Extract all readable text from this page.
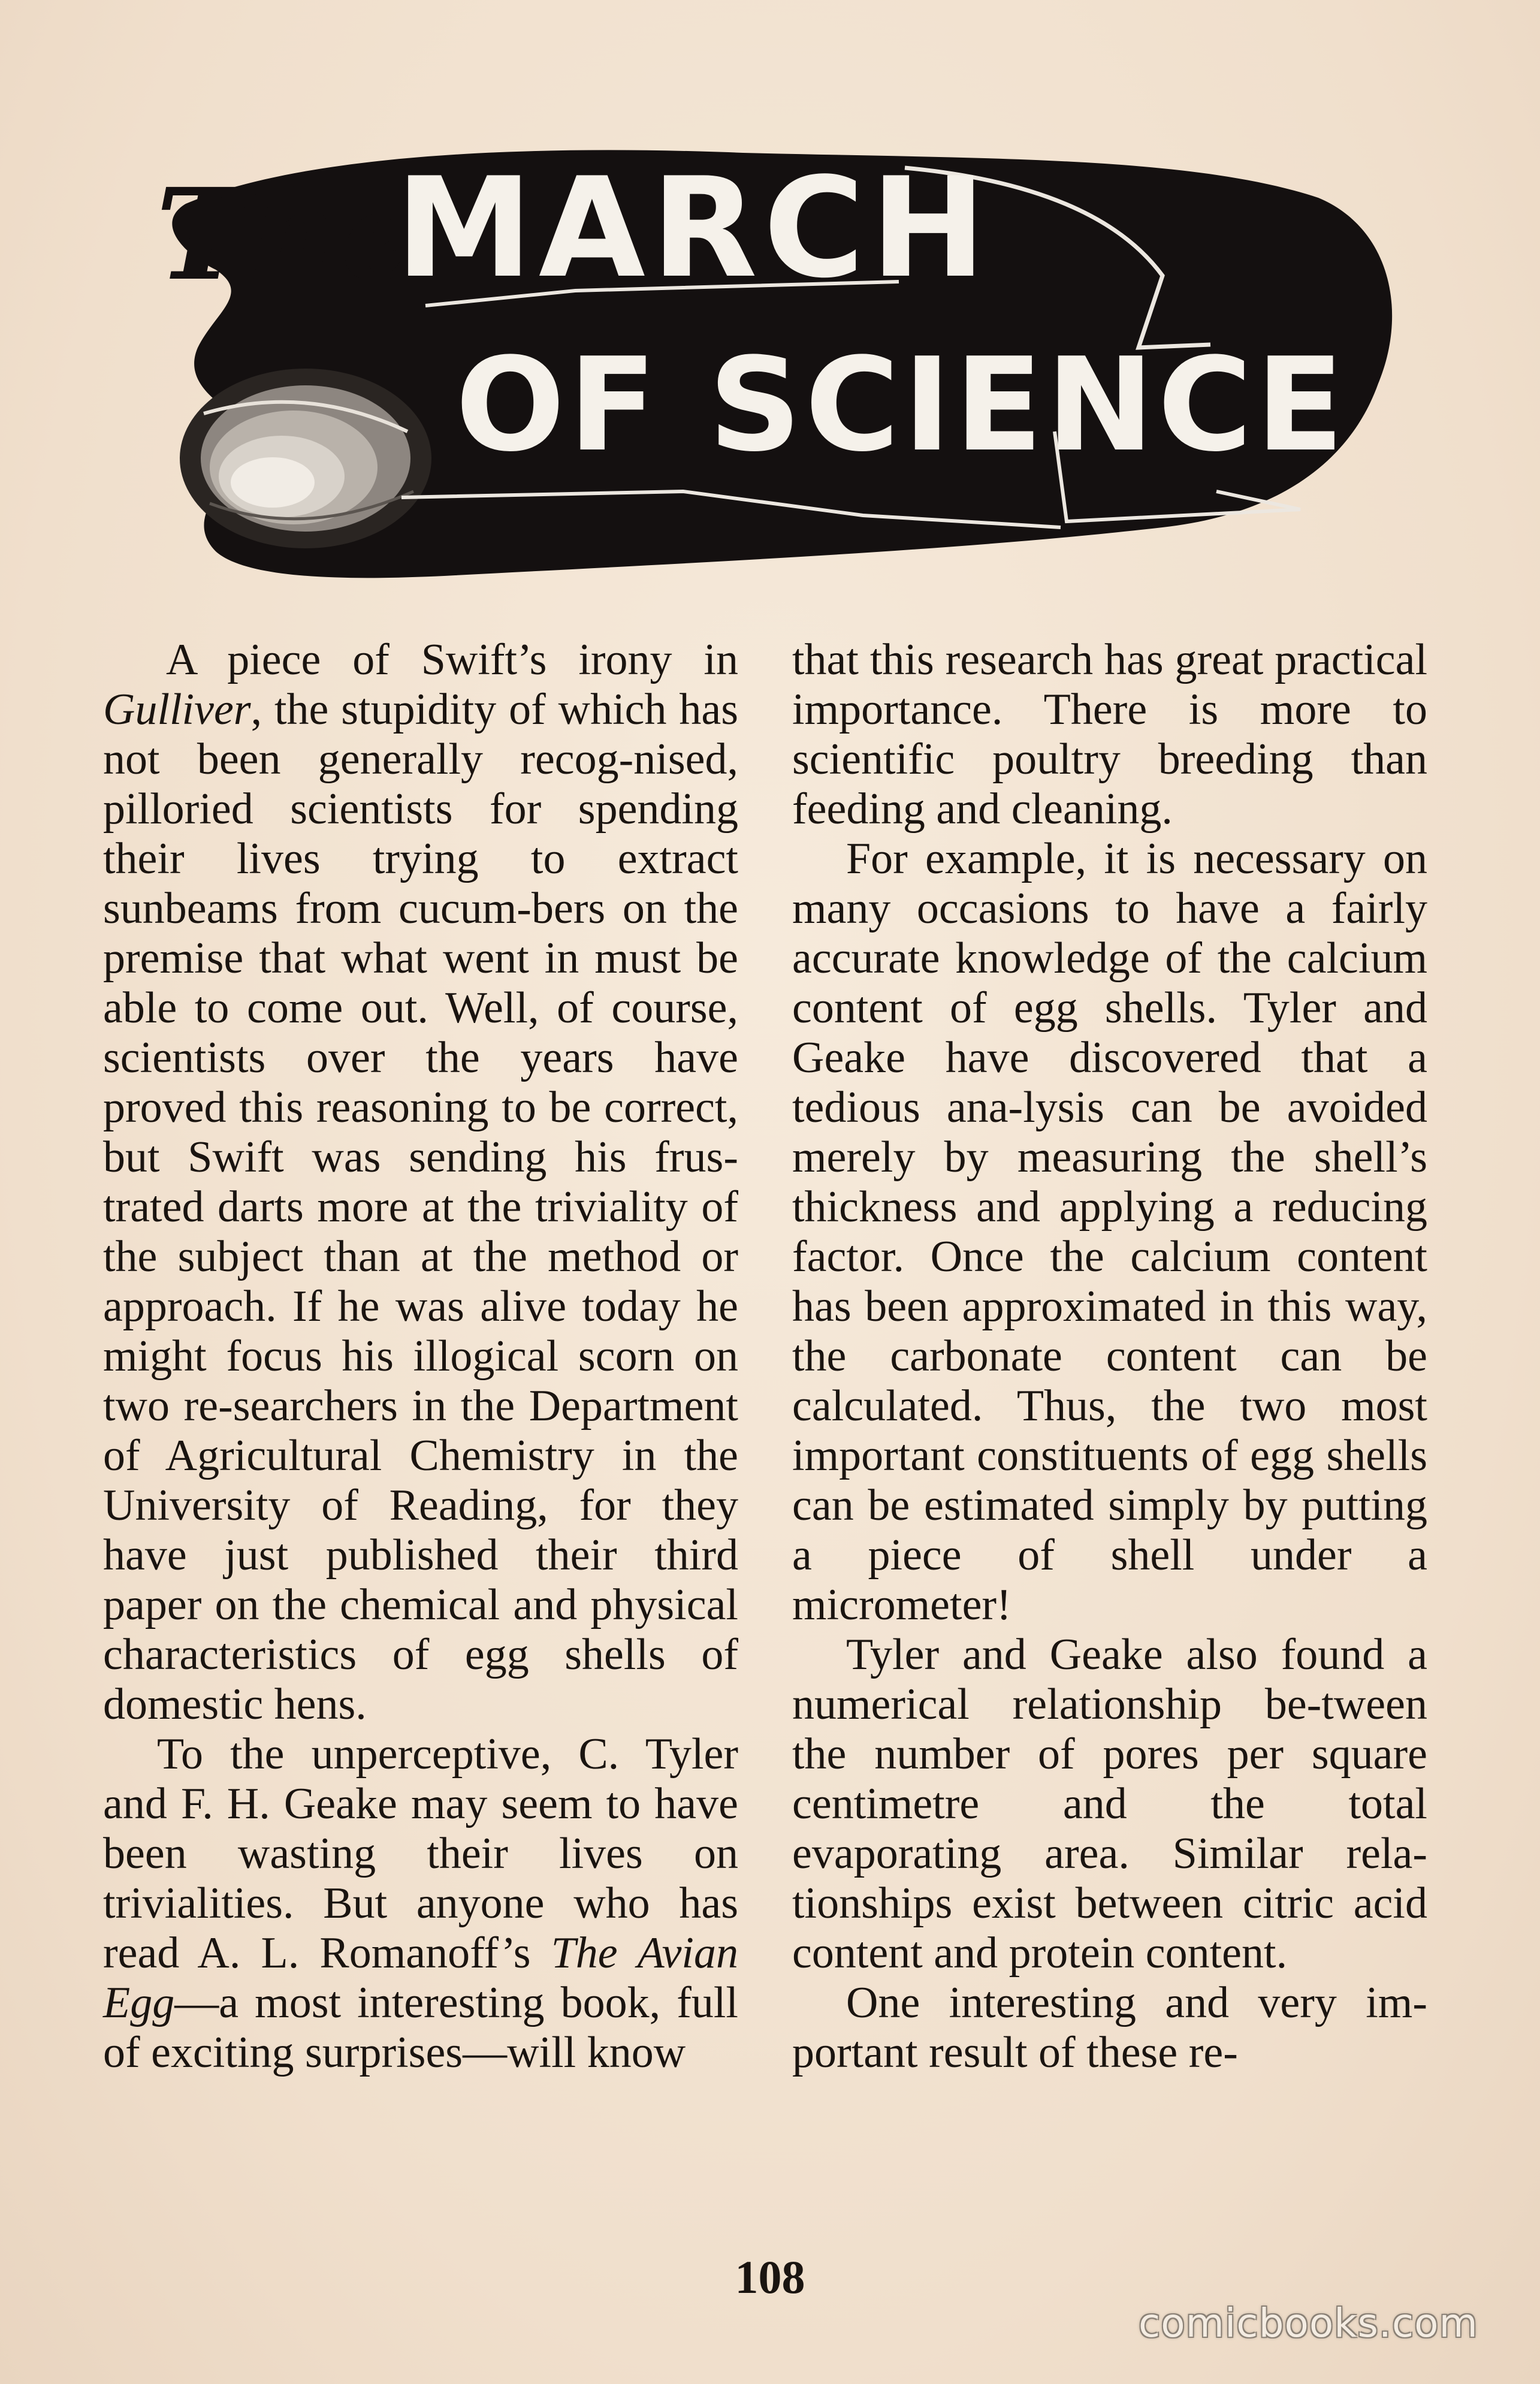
The
MARCH
OF SCIENCE

A piece of Swift’s irony in Gulliver, the stupidity of which has not been generally recog-nised, pilloried scientists for spending their lives trying to extract sunbeams from cucum-bers on the premise that what went in must be able to come out. Well, of course, scientists over the years have proved this reasoning to be correct, but Swift was sending his frus-trated darts more at the triviality of the subject than at the method or approach. If he was alive today he might focus his illogical scorn on two re-searchers in the Department of Agricultural Chemistry in the University of Reading, for they have just published their third paper on the chemical and physical characteristics of egg shells of domestic hens.

To the unperceptive, C. Tyler and F. H. Geake may seem to have been wasting their lives on trivialities. But anyone who has read A. L. Romanoff’s The Avian Egg—a most interesting book, full of exciting surprises—will know

that this research has great practical importance. There is more to scientific poultry breeding than feeding and cleaning.

For example, it is necessary on many occasions to have a fairly accurate knowledge of the calcium content of egg shells. Tyler and Geake have discovered that a tedious ana-lysis can be avoided merely by measuring the shell’s thickness and applying a reducing factor. Once the calcium content has been approximated in this way, the carbonate content can be calculated. Thus, the two most important constituents of egg shells can be estimated simply by putting a piece of shell under a micrometer!

Tyler and Geake also found a numerical relationship be-tween the number of pores per square centimetre and the total evaporating area. Similar rela-tionships exist between citric acid content and protein content.

One interesting and very im-portant result of these re-

108
comicbooks.com
